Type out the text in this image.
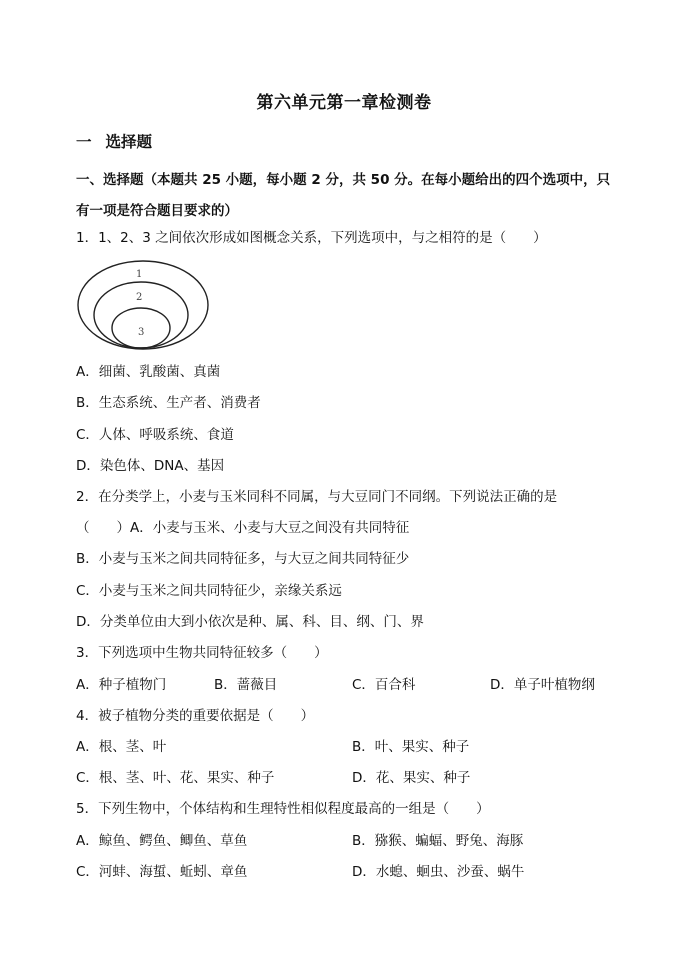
第六单元第一章检测卷
一 选择题
一、选择题（本题共 25 小题，每小题 2 分，共 50 分。在每小题给出的四个选项中，只有一项是符合题目要求的）
1．1、2、3 之间依次形成如图概念关系，下列选项中，与之相符的是（　　）
1
2
3
A．细菌、乳酸菌、真菌
B．生态系统、生产者、消费者
C．人体、呼吸系统、食道
D．染色体、DNA、基因
2．在分类学上，小麦与玉米同科不同属，与大豆同门不同纲。下列说法正确的是
（　　）A．小麦与玉米、小麦与大豆之间没有共同特征
B．小麦与玉米之间共同特征多，与大豆之间共同特征少
C．小麦与玉米之间共同特征少，亲缘关系远
D．分类单位由大到小依次是种、属、科、目、纲、门、界
3．下列选项中生物共同特征较多（　　）
A．种子植物门	B．蔷薇目	C．百合科	D．单子叶植物纲
4．被子植物分类的重要依据是（　　）
A．根、茎、叶	B．叶、果实、种子
C．根、茎、叶、花、果实、种子	D．花、果实、种子
5．下列生物中，个体结构和生理特性相似程度最高的一组是（　　）
A．鲸鱼、鳄鱼、鲫鱼、草鱼	B．猕猴、蝙蝠、野兔、海豚
C．河蚌、海蜇、蚯蚓、章鱼	D．水螅、蛔虫、沙蚕、蜗牛
